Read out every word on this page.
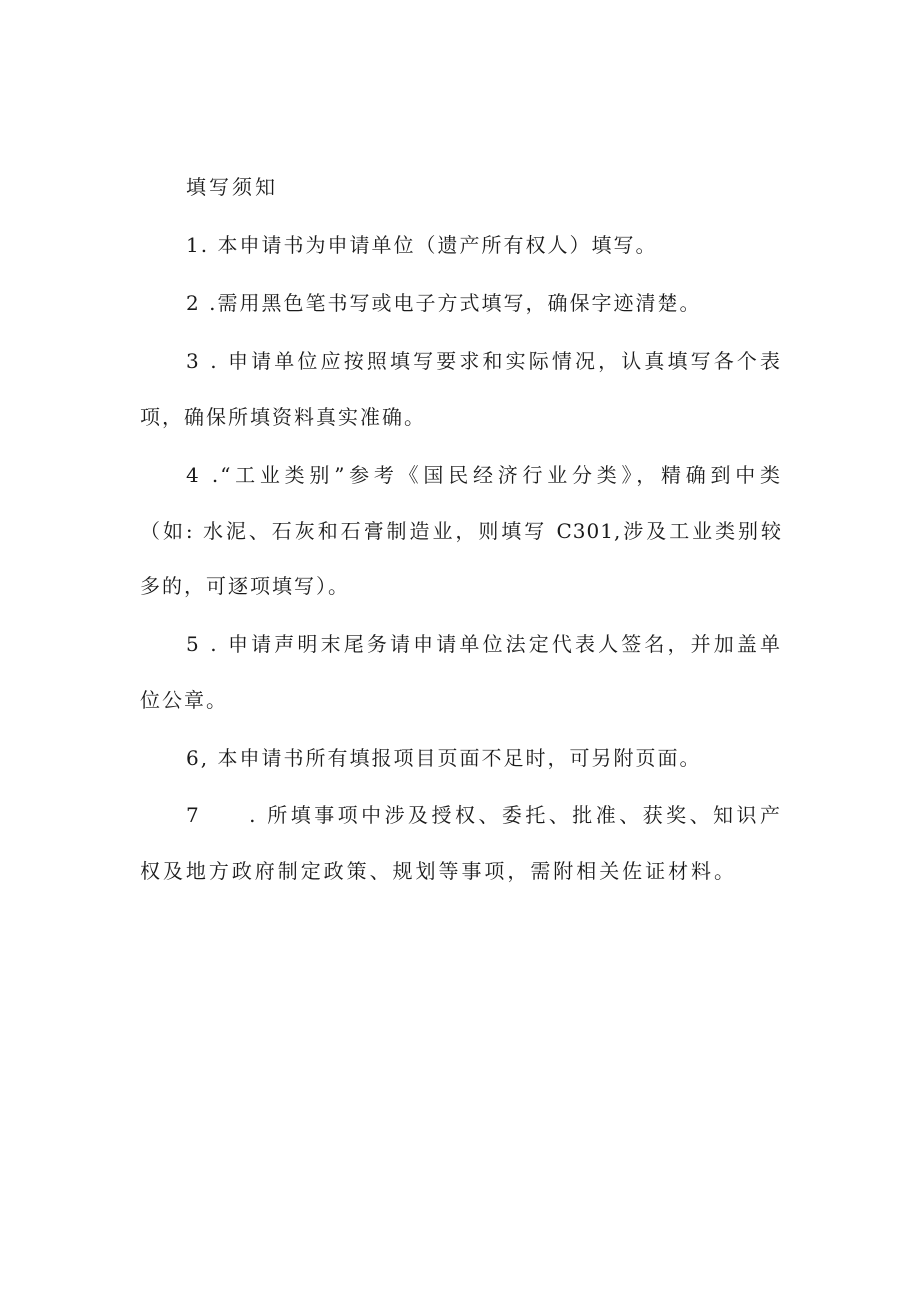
填写须知
1. 本申请书为申请单位（遗产所有权人）填写。
2 .需用黑色笔书写或电子方式填写，确保字迹清楚。
3 . 申请单位应按照填写要求和实际情况，认真填写各个表
项，确保所填资料真实准确。
4 .“工业类别”参考《国民经济行业分类》，精确到中类
（如: 水泥、石灰和石膏制造业，则填写 C301,涉及工业类别较
多的，可逐项填写）。
5 . 申请声明末尾务请申请单位法定代表人签名，并加盖单
位公章。
6, 本申请书所有填报项目页面不足时，可另附页面。
7　　. 所填事项中涉及授权、委托、批准、获奖、知识产
权及地方政府制定政策、规划等事项，需附相关佐证材料。
